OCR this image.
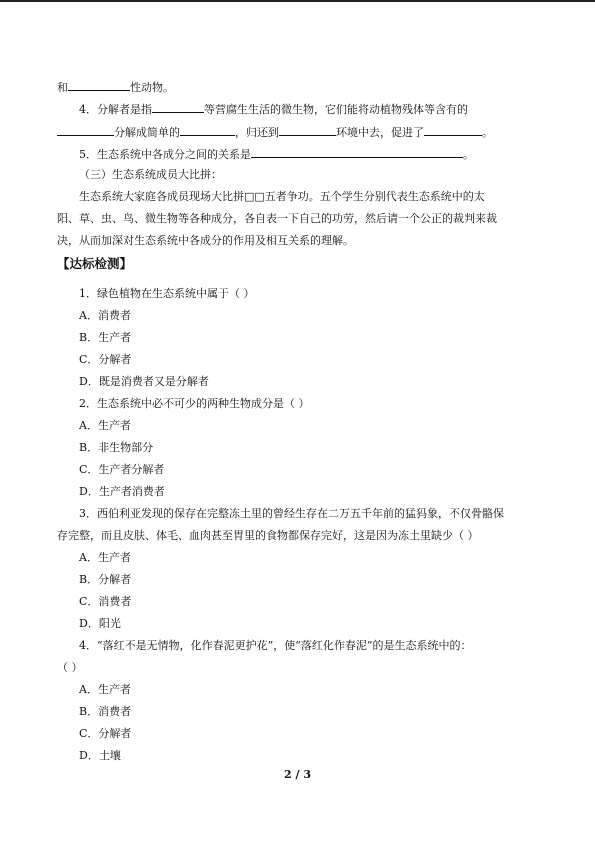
和	性动物。
4．分解者是指	等营腐生生活的微生物，它们能将动植物残体等含有的
分解成简单的	，归还到	环境中去，促进了	。
5．生态系统中各成分之间的关系是	。
（三）生态系统成员大比拼：
生态系统大家庭各成员现场大比拼□□五者争功。五个学生分别代表生态系统中的太
阳、草、虫、鸟、微生物等各种成分，各自表一下自己的功劳，然后请一个公正的裁判来裁
决，从而加深对生态系统中各成分的作用及相互关系的理解。
【达标检测】
1．绿色植物在生态系统中属于（ ）
A．消费者
B．生产者
C．分解者
D．既是消费者又是分解者
2．生态系统中必不可少的两种生物成分是（ ）
A．生产者
B．非生物部分
C．生产者分解者
D．生产者消费者
3．西伯利亚发现的保存在完整冻土里的曾经生存在二万五千年前的猛犸象，不仅骨骼保
存完整，而且皮肤、体毛、血肉甚至胃里的食物都保存完好，这是因为冻土里缺少（ ）
A．生产者
B．分解者
C．消费者
D．阳光
4．“落红不是无情物，化作春泥更护花”，使“落红化作春泥”的是生态系统中的：
（ ）
A．生产者
B．消费者
C．分解者
D．土壤
2 / 3
